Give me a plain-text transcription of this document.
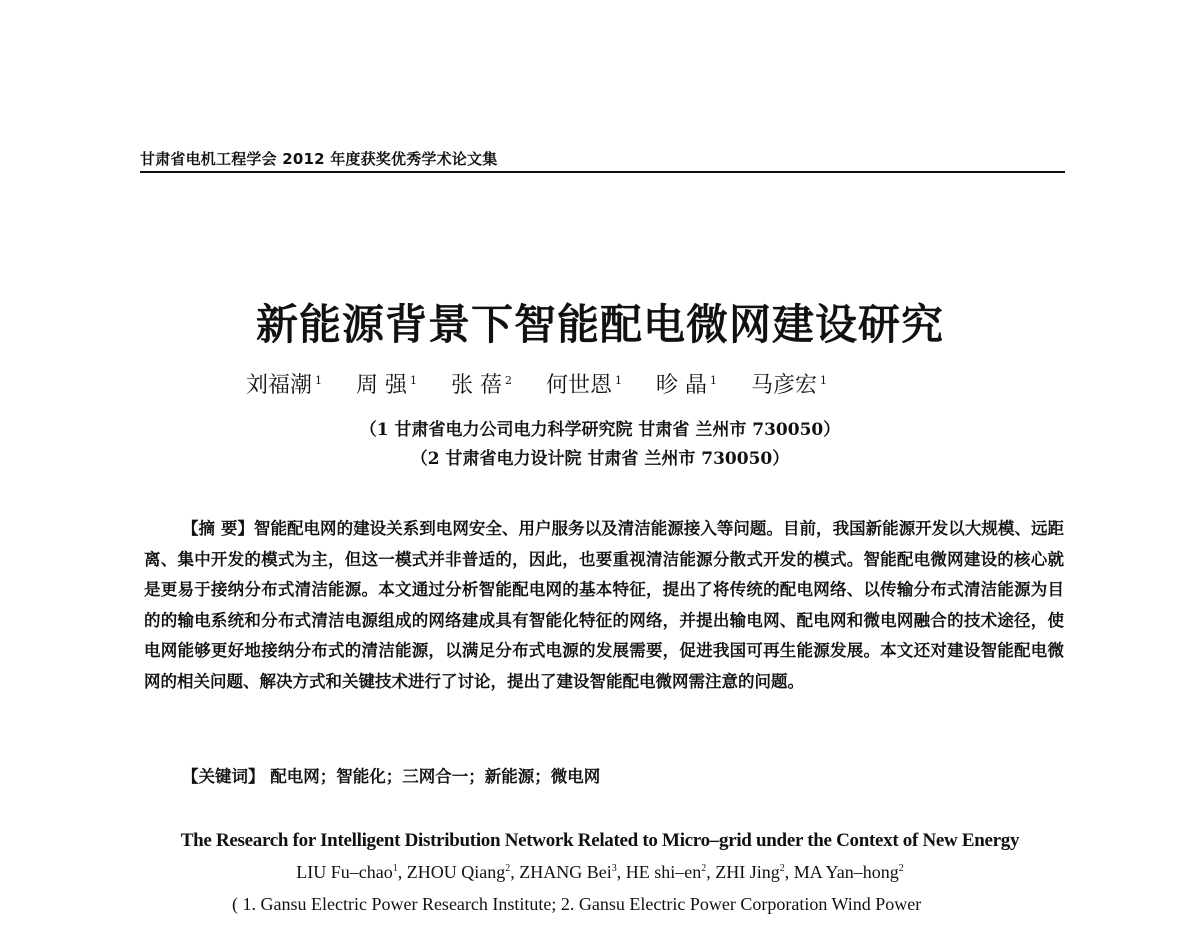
甘肃省电机工程学会 2012 年度获奖优秀学术论文集
新能源背景下智能配电微网建设研究
刘福潮 $^1$ 周 强 $^1$ 张 蓓 $^2$ 何世恩 $^1$ 昣 晶 $^1$ 马彦宏 $^1$
（1 甘肃省电力公司电力科学研究院 甘肃省 兰州市 730050）
（2 甘肃省电力设计院 甘肃省 兰州市 730050）
【摘 要】智能配电网的建设关系到电网安全、用户服务以及清洁能源接入等问题。目前，我国新能源开发以大规模、远距离、集中开发的模式为主，但这一模式并非普适的，因此，也要重视清洁能源分散式开发的模式。智能配电微网建设的核心就是更易于接纳分布式清洁能源。本文通过分析智能配电网的基本特征，提出了将传统的配电网络、以传输分布式清洁能源为目的的输电系统和分布式清洁电源组成的网络建成具有智能化特征的网络，并提出输电网、配电网和微电网融合的技术途径，使电网能够更好地接纳分布式的清洁能源，以满足分布式电源的发展需要，促进我国可再生能源发展。本文还对建设智能配电微网的相关问题、解决方式和关键技术进行了讨论，提出了建设智能配电微网需注意的问题。
【关键词】 配电网；智能化；三网合一；新能源；微电网
The Research for Intelligent Distribution Network Related to Micro–grid under the Context of New Energy
LIU Fu–chao$^1$, ZHOU Qiang$^2$, ZHANG Bei$^3$, HE shi–$en^2$, ZHI Jing$^2$, MA Yan–hong$^2$
( 1. Gansu Electric Power Research Institute; 2. Gansu Electric Power Corporation Wind Power
